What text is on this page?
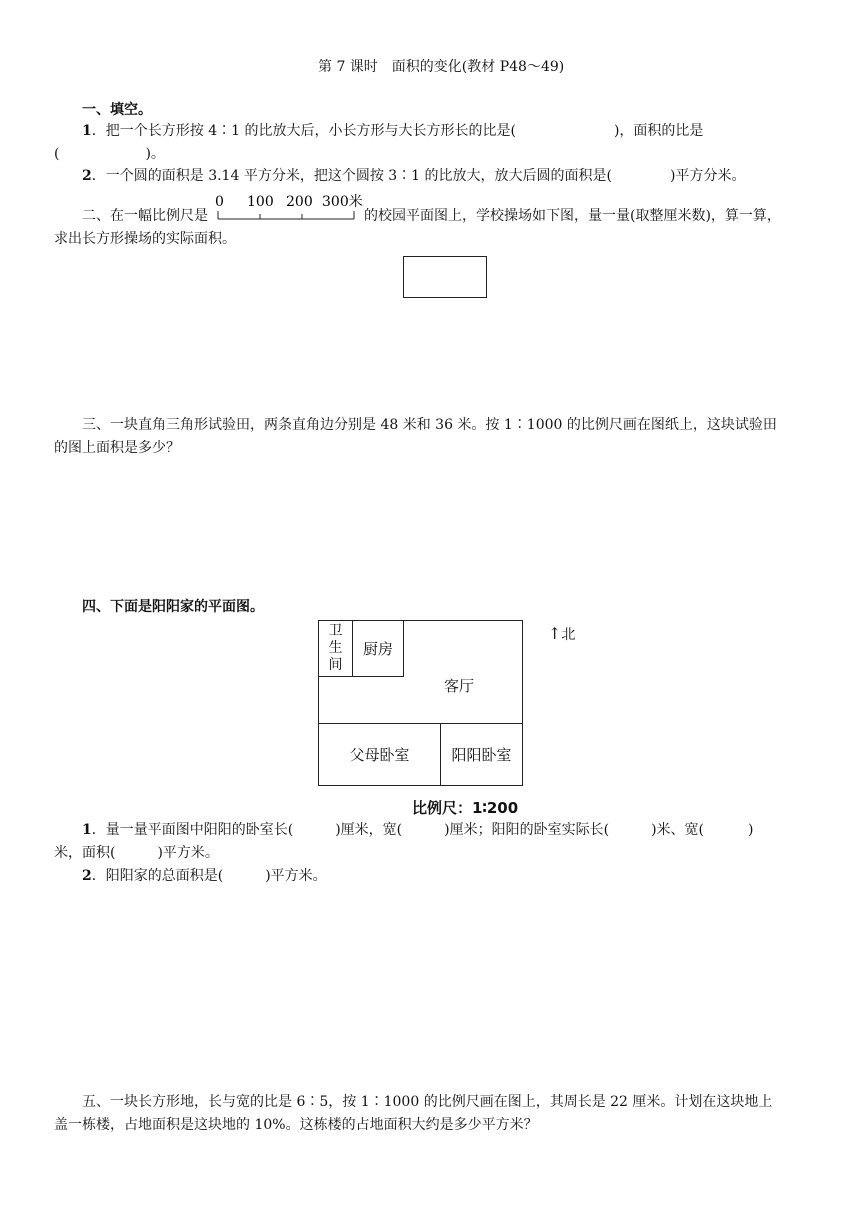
第 7 课时　面积的变化(教材 P48～49)
一、填空。
1．把一个长方形按 4∶1 的比放大后，小长方形与大长方形长的比是(	)，面积的比是
(	)。
2．一个圆的面积是 3.14 平方分米，把这个圆按 3∶1 的比放大，放大后圆的面积是(	)平方分米。
二、在一幅比例尺是
0 100 200 300米
的校园平面图上，学校操场如下图，量一量(取整厘米数)，算一算，
求出长方形操场的实际面积。
三、一块直角三角形试验田，两条直角边分别是 48 米和 36 米。按 1∶1000 的比例尺画在图纸上，这块试验田
的图上面积是多少？
四、下面是阳阳家的平面图。
卫生间
厨房
客厅
父母卧室	阳阳卧室
↑北
比例尺：1∶200
1．量一量平面图中阳阳的卧室长(	)厘米，宽(	)厘米；阳阳的卧室实际长(	)米、宽(	)
米，面积(	)平方米。
2．阳阳家的总面积是(	)平方米。
五、一块长方形地，长与宽的比是 6∶5，按 1∶1000 的比例尺画在图上，其周长是 22 厘米。计划在这块地上
盖一栋楼，占地面积是这块地的 10%。这栋楼的占地面积大约是多少平方米？
